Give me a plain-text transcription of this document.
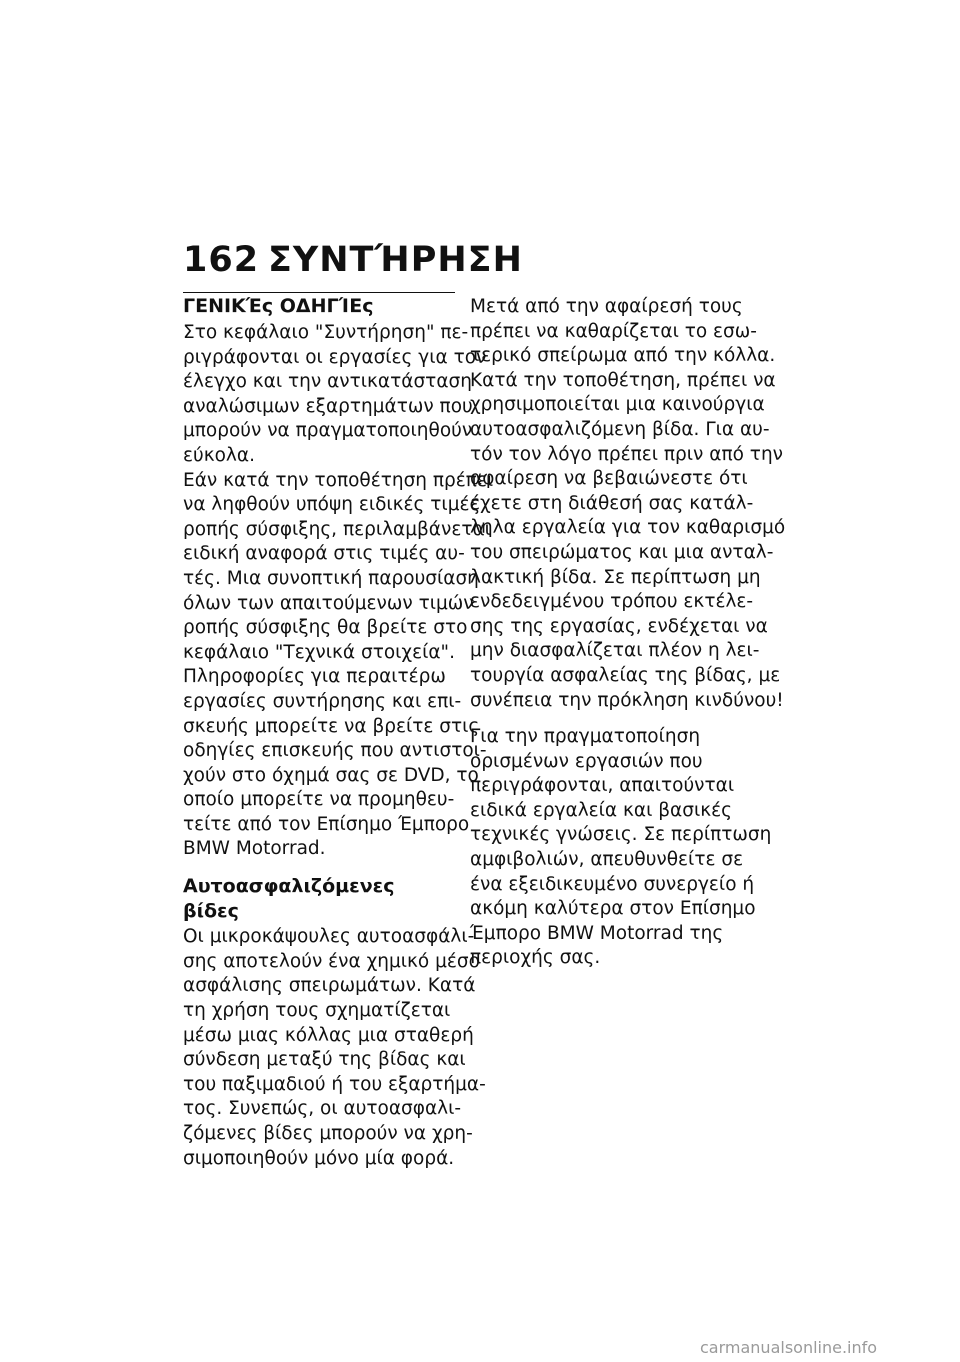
162 ΣΥΝΤΉΡΗΣΗ
ΓΕΝΙΚΈς ΟΔΗΓΊΕς
Στο κεφάλαιο "Συντήρηση" πε-
ριγράφονται οι εργασίες για τον
έλεγχο και την αντικατάσταση
αναλώσιμων εξαρτημάτων που
μπορούν να πραγματοποιηθούν
εύκολα.
Εάν κατά την τοποθέτηση πρέπει
να ληφθούν υπόψη ειδικές τιμές
ροπής σύσφιξης, περιλαμβάνεται
ειδική αναφορά στις τιμές αυ-
τές. Μια συνοπτική παρουσίαση
όλων των απαιτούμενων τιμών
ροπής σύσφιξης θα βρείτε στο
κεφάλαιο "Τεχνικά στοιχεία".
Πληροφορίες για περαιτέρω
εργασίες συντήρησης και επι-
σκευής μπορείτε να βρείτε στις
οδηγίες επισκευής που αντιστοι-
χούν στο όχημά σας σε DVD, το
οποίο μπορείτε να προμηθευ-
τείτε από τον Επίσημο Έμπορο
BMW Motorrad.
Αυτοασφαλιζόμενες βίδες
Οι μικροκάψουλες αυτοασφάλι-
σης αποτελούν ένα χημικό μέσο
ασφάλισης σπειρωμάτων. Κατά
τη χρήση τους σχηματίζεται
μέσω μιας κόλλας μια σταθερή
σύνδεση μεταξύ της βίδας και
του παξιμαδιού ή του εξαρτήμα-
τος. Συνεπώς, οι αυτοασφαλι-
ζόμενες βίδες μπορούν να χρη-
σιμοποιηθούν μόνο μία φορά.
Μετά από την αφαίρεσή τους
πρέπει να καθαρίζεται το εσω-
τερικό σπείρωμα από την κόλλα.
Κατά την τοποθέτηση, πρέπει να
χρησιμοποιείται μια καινούργια
αυτοασφαλιζόμενη βίδα. Για αυ-
τόν τον λόγο πρέπει πριν από την
αφαίρεση να βεβαιώνεστε ότι
έχετε στη διάθεσή σας κατάλ-
ληλα εργαλεία για τον καθαρισμό
του σπειρώματος και μια ανταλ-
λακτική βίδα. Σε περίπτωση μη
ενδεδειγμένου τρόπου εκτέλε-
σης της εργασίας, ενδέχεται να
μην διασφαλίζεται πλέον η λει-
τουργία ασφαλείας της βίδας, με
συνέπεια την πρόκληση κινδύνου!
Για την πραγματοποίηση
ορισμένων εργασιών που
περιγράφονται, απαιτούνται
ειδικά εργαλεία και βασικές
τεχνικές γνώσεις. Σε περίπτωση
αμφιβολιών, απευθυνθείτε σε
ένα εξειδικευμένο συνεργείο ή
ακόμη καλύτερα στον Επίσημο
Έμπορο BMW Motorrad της
περιοχής σας.
carmanualsonline.info
